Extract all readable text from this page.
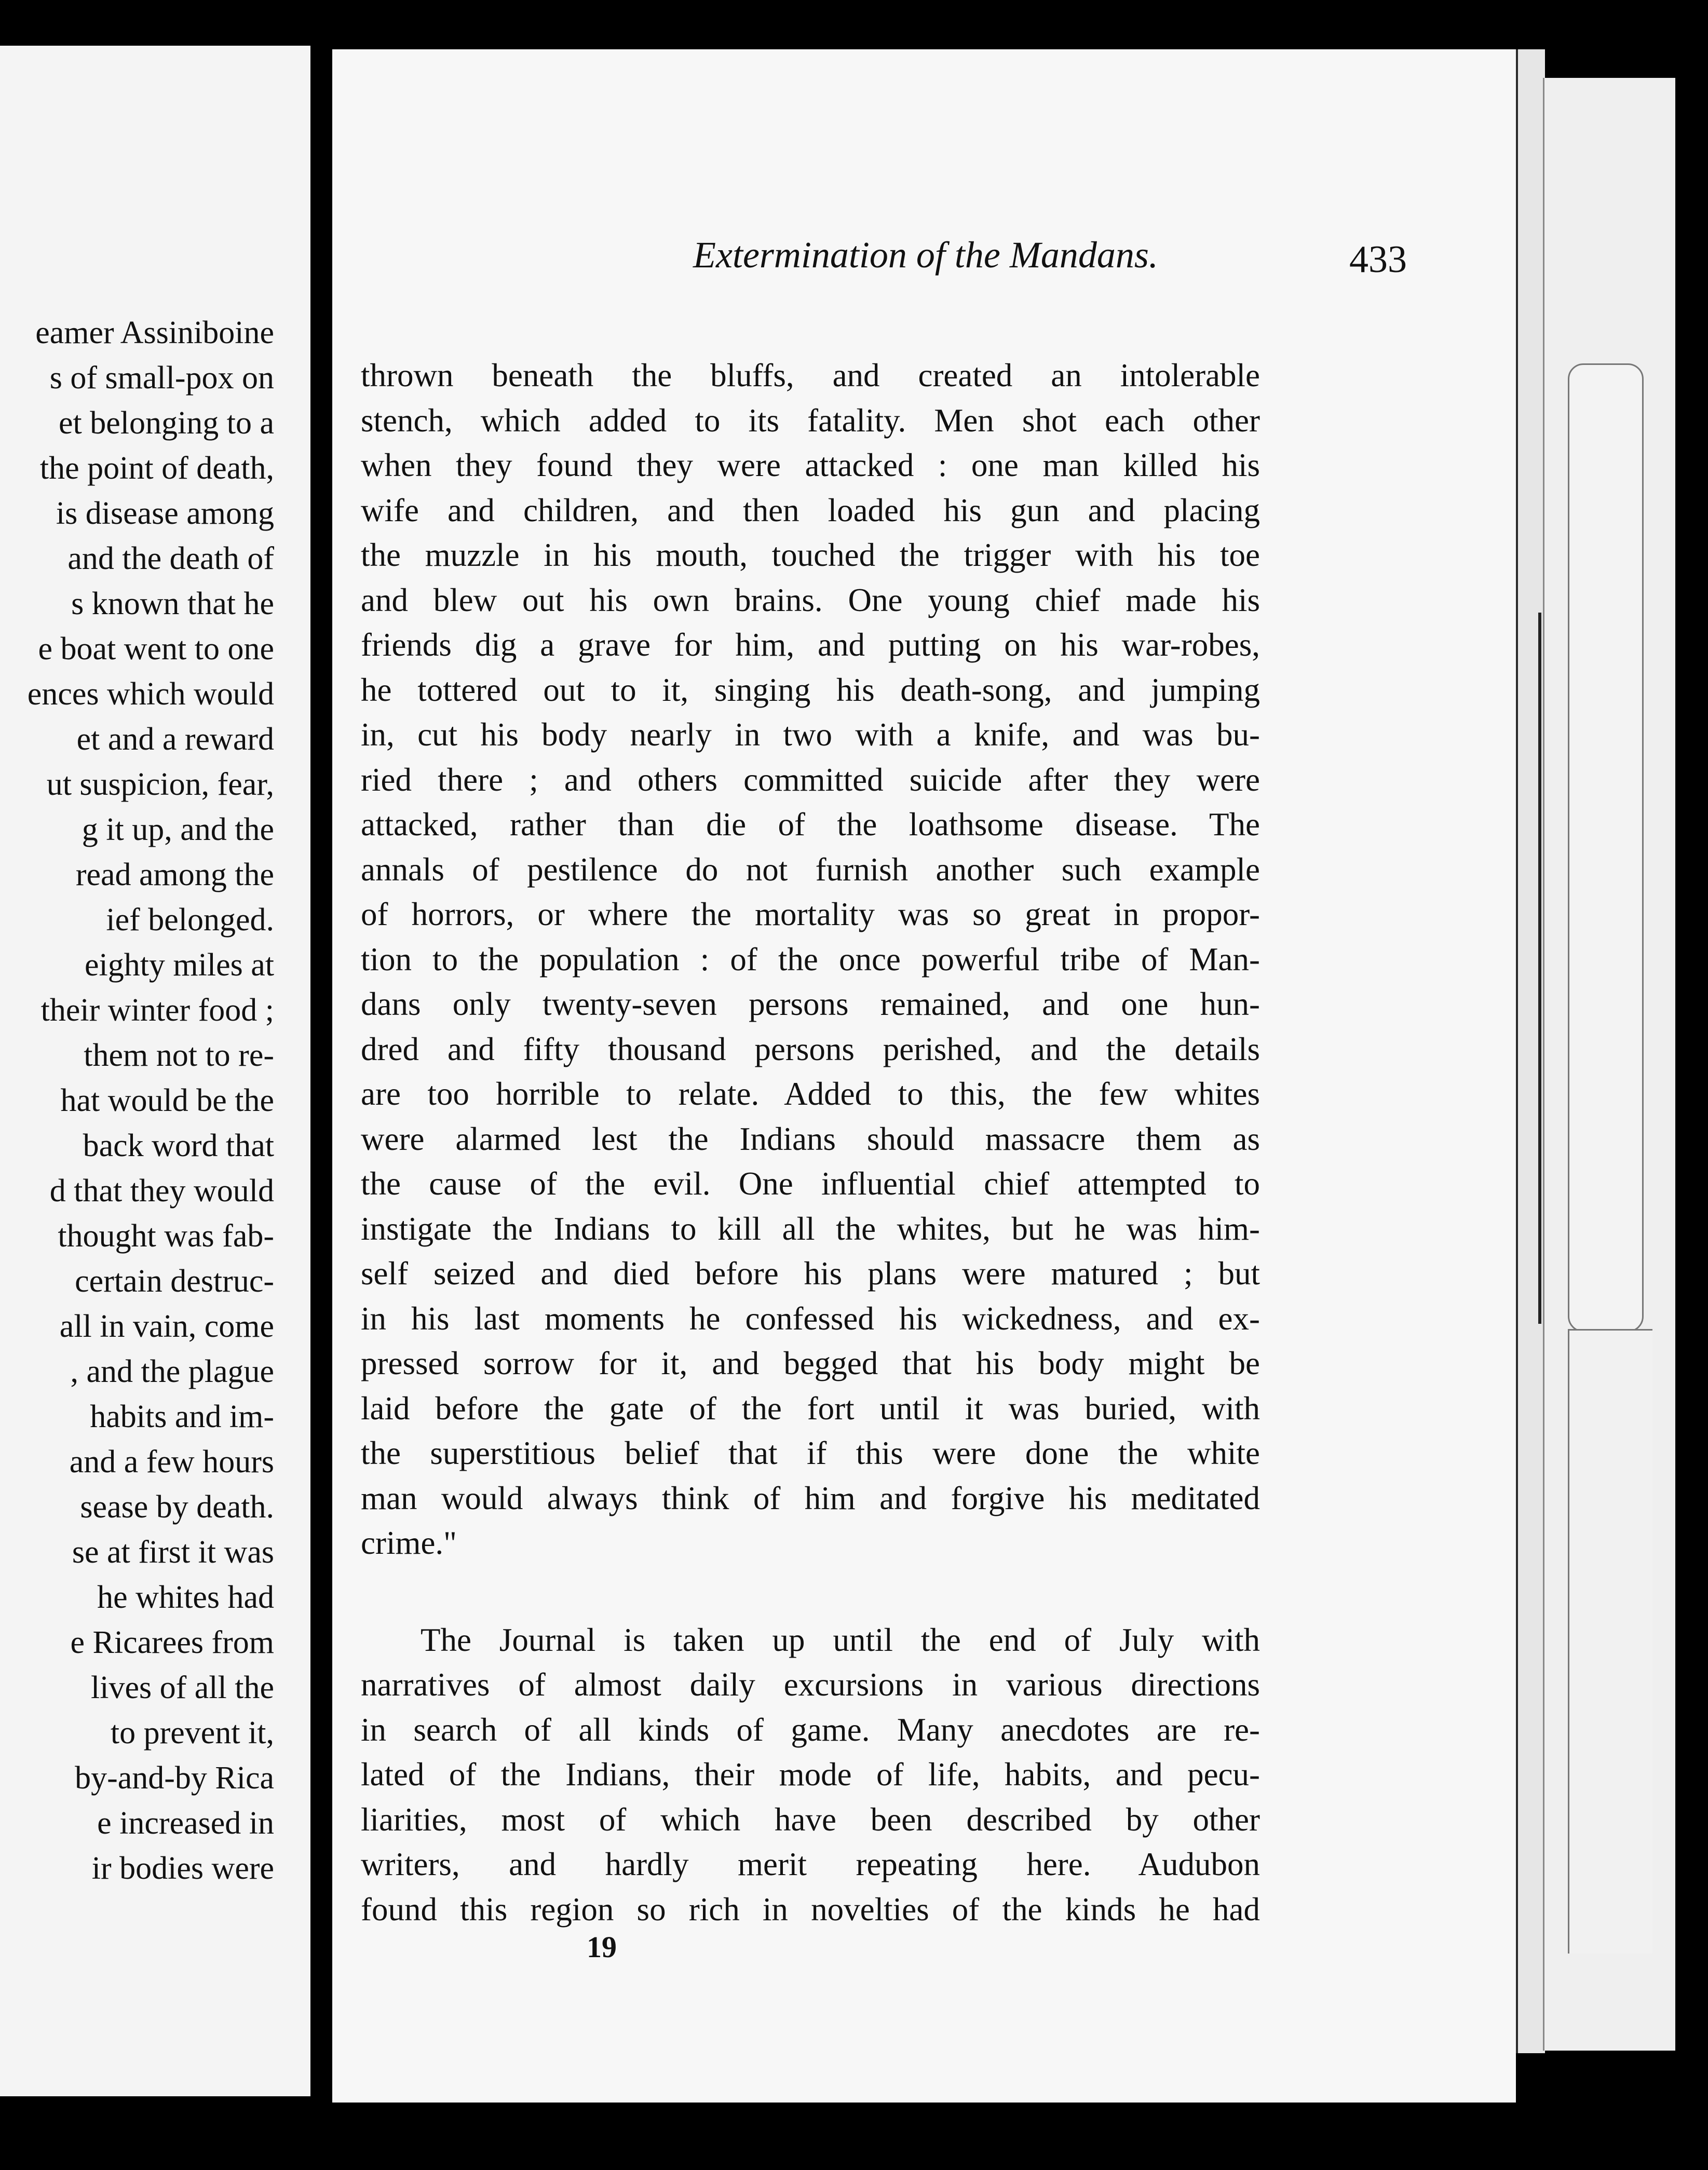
eamer Assiniboine
s of small-pox on
et belonging to a
the point of death,
is disease among
and the death of
s known that he
e boat went to one
ences which would
et and a reward
ut suspicion, fear,
g it up, and the
read among the
ief belonged.
eighty miles at
their winter food ;
them not to re-
hat would be the
back word that
d that they would
thought was fab-
certain destruc-
all in vain, come
, and the plague
habits and im-
and a few hours
sease by death.
se at first it was
he whites had
e Ricarees from
lives of all the
to prevent it,
by-and-by Rica
e increased in
ir bodies were
Extermination of the Mandans.	433
thrown beneath the bluffs, and created an intolerable
stench, which added to its fatality. Men shot each other
when they found they were attacked : one man killed his
wife and children, and then loaded his gun and placing
the muzzle in his mouth, touched the trigger with his toe
and blew out his own brains. One young chief made his
friends dig a grave for him, and putting on his war-robes,
he tottered out to it, singing his death-song, and jumping
in, cut his body nearly in two with a knife, and was bu-
ried there ; and others committed suicide after they were
attacked, rather than die of the loathsome disease. The
annals of pestilence do not furnish another such example
of horrors, or where the mortality was so great in propor-
tion to the population : of the once powerful tribe of Man-
dans only twenty-seven persons remained, and one hun-
dred and fifty thousand persons perished, and the details
are too horrible to relate. Added to this, the few whites
were alarmed lest the Indians should massacre them as
the cause of the evil. One influential chief attempted to
instigate the Indians to kill all the whites, but he was him-
self seized and died before his plans were matured ; but
in his last moments he confessed his wickedness, and ex-
pressed sorrow for it, and begged that his body might be
laid before the gate of the fort until it was buried, with
the superstitious belief that if this were done the white
man would always think of him and forgive his meditated
crime."
The Journal is taken up until the end of July with
narratives of almost daily excursions in various directions
in search of all kinds of game. Many anecdotes are re-
lated of the Indians, their mode of life, habits, and pecu-
liarities, most of which have been described by other
writers, and hardly merit repeating here. Audubon
found this region so rich in novelties of the kinds he had
19
